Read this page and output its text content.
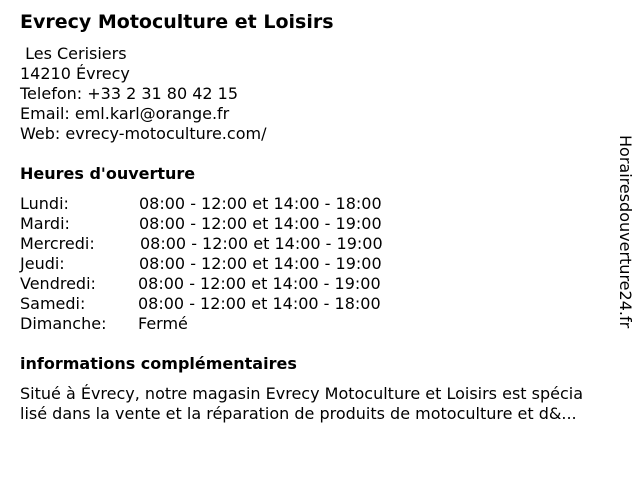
Evrecy Motoculture et Loisirs
Les Cerisiers
14210 Évrecy
Telefon: +33 2 31 80 42 15
Email: eml.karl@orange.fr
Web: evrecy-motoculture.com/
Heures d'ouverture
Lundi:	08:00 - 12:00 et 14:00 - 18:00
Mardi:	08:00 - 12:00 et 14:00 - 19:00
Mercredi:	08:00 - 12:00 et 14:00 - 19:00
Jeudi:	08:00 - 12:00 et 14:00 - 19:00
Vendredi:	08:00 - 12:00 et 14:00 - 19:00
Samedi:	08:00 - 12:00 et 14:00 - 18:00
Dimanche: Fermé
informations complémentaires
Situé à Évrecy, notre magasin Evrecy Motoculture et Loisirs est spécia
lisé dans la vente et la réparation de produits de motoculture et d&...
Horairesdouverture24.fr
